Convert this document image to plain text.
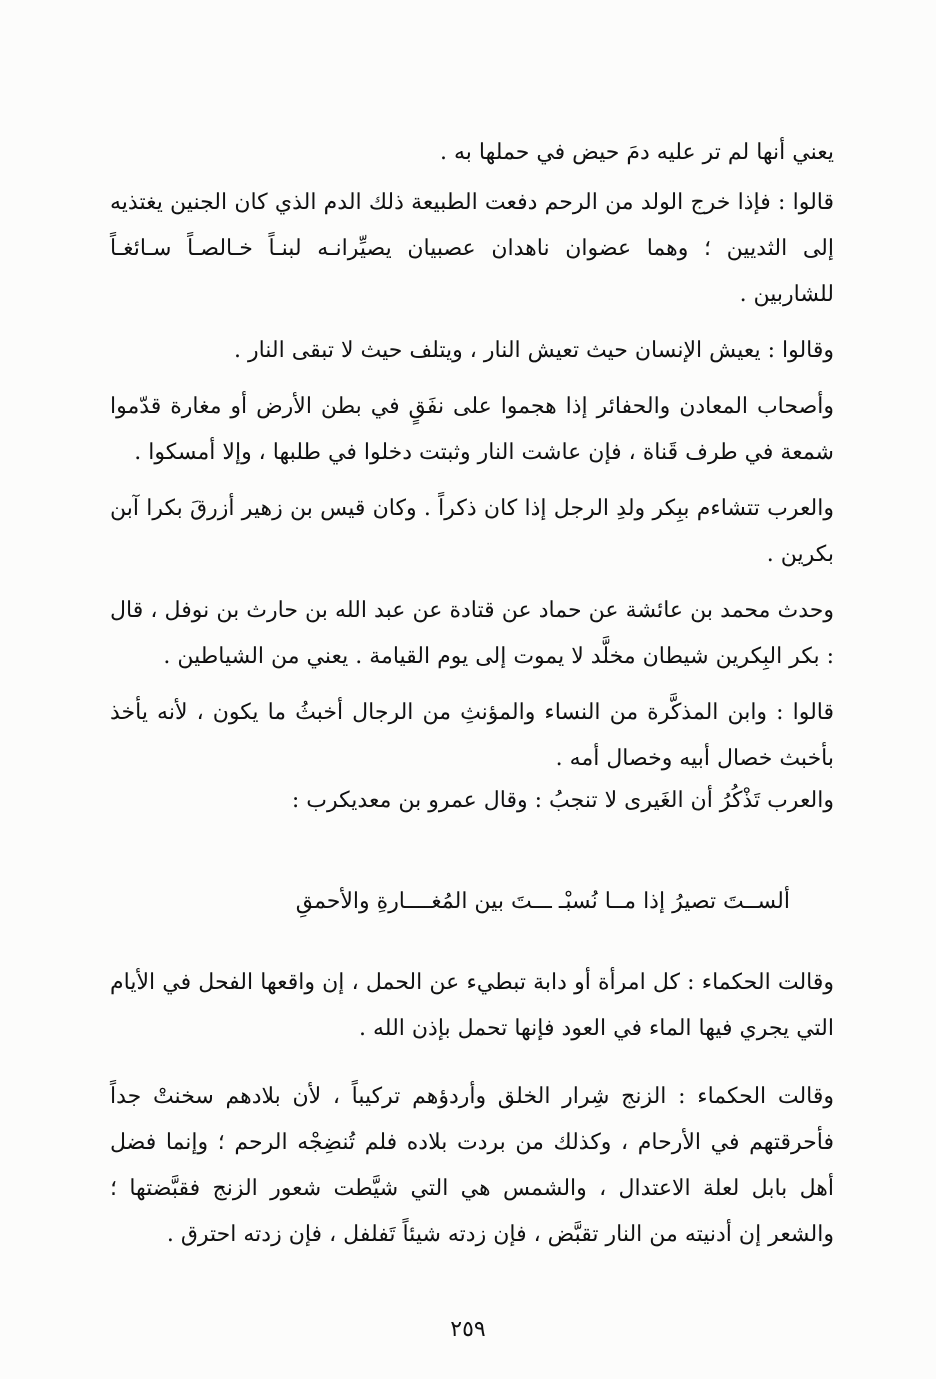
يعني أنها لم تر عليه دمَ حيض في حملها به .

قالوا : فإذا خرج الولد من الرحم دفعت الطبيعة ذلك الدم الذي كان الجنين يغتذيه إلى الثديين ؛ وهما عضوان ناهدان عصبيان يصيِّرانـه لبنـاً خـالصـاً سـائغـاً للشاربين .

وقالوا : يعيش الإنسان حيث تعيش النار ، ويتلف حيث لا تبقى النار .

وأصحاب المعادن والحفائر إذا هجموا على نفَقٍ في بطن الأرض أو مغارة قدّموا شمعة في طرف قَناة ، فإن عاشت النار وثبتت دخلوا في طلبها ، وإلا أمسكوا .

والعرب تتشاءم ببِكر ولدِ الرجل إذا كان ذكراً . وكان قيس بن زهير أزرقَ بكرا آبن بكرين .

وحدث محمد بن عائشة عن حماد عن قتادة عن عبد الله بن حارث بن نوفل ، قال : بكر البِكرين شيطان مخلَّد لا يموت إلى يوم القيامة . يعني من الشياطين .

قالوا : وابن المذكَّرة من النساء والمؤنثِ من الرجال أخبثُ ما يكون ، لأنه يأخذ بأخبث خصال أبيه وخصال أمه .

والعرب تَذْكُرُ أن الغَيرى لا تنجبُ : وقال عمرو بن معديكرب :

ألســتَ تصيرُ إذا مــا نُسبْـ ـــتَ بين المُغــــارةِ والأحمقِ

وقالت الحكماء : كل امرأة أو دابة تبطيء عن الحمل ، إن واقعها الفحل في الأيام التي يجري فيها الماء في العود فإنها تحمل بإذن الله .

وقالت الحكماء : الزنج شِرار الخلق وأردؤهم تركيباً ، لأن بلادهم سخنتْ جداً فأحرقتهم في الأرحام ، وكذلك من بردت بلاده فلم تُنضِجْه الرحم ؛ وإنما فضل أهل بابل لعلة الاعتدال ، والشمس هي التي شيَّطت شعور الزنج فقبَّضتها ؛ والشعر إن أدنيته من النار تقبَّض ، فإن زدته شيئاً تَفلفل ، فإن زدته احترق .

٢٥٩
